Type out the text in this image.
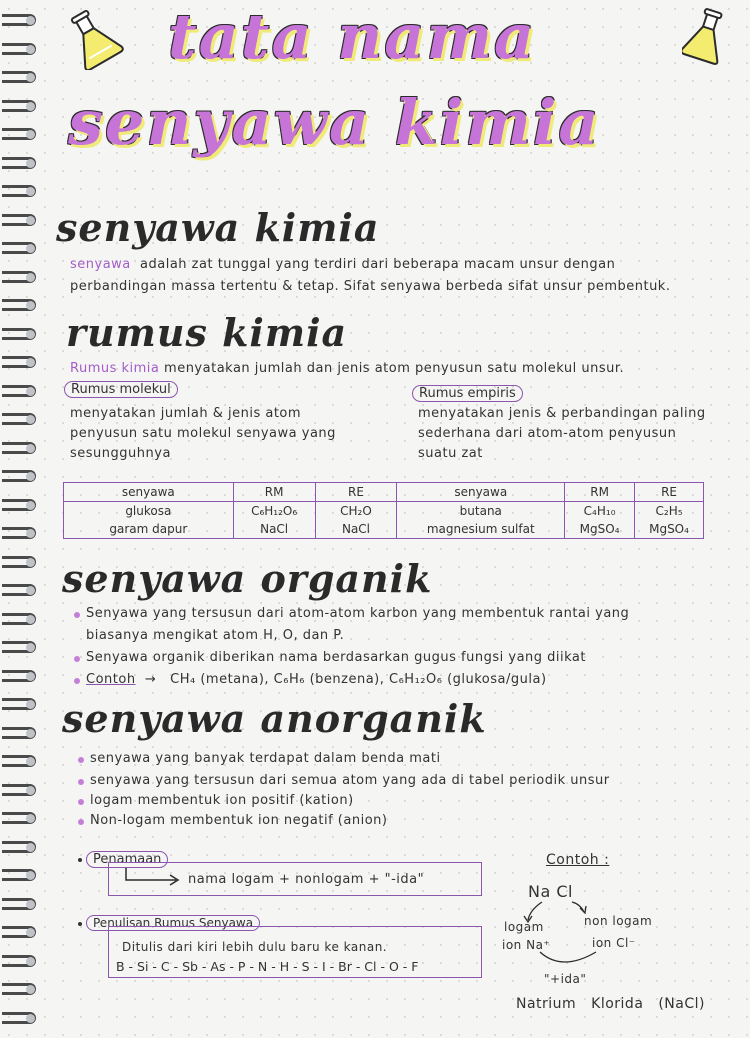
tata nama
senyawa kimia
senyawa kimia
senyawa adalah zat tunggal yang terdiri dari beberapa macam unsur dengan
perbandingan massa tertentu & tetap. Sifat senyawa berbeda sifat unsur pembentuk.
rumus kimia
Rumus kimia menyatakan jumlah dan jenis atom penyusun satu molekul unsur.
Rumus molekul
menyatakan jumlah & jenis atom
penyusun satu molekul senyawa yang
sesungguhnya
Rumus empiris
menyatakan jenis & perbandingan paling
sederhana dari atom-atom penyusun
suatu zat
senyawa	RM	RE	senyawa	RM	RE
glukosa	C₆H₁₂O₆	CH₂O	butana	C₄H₁₀	C₂H₅
garam dapur	NaCl	NaCl	magnesium sulfat	MgSO₄	MgSO₄
senyawa organik
Senyawa yang tersusun dari atom-atom karbon yang membentuk rantai yang
biasanya mengikat atom H, O, dan P.
Senyawa organik diberikan nama berdasarkan gugus fungsi yang diikat
Contoh  →   CH₄ (metana), C₆H₆ (benzena), C₆H₁₂O₆ (glukosa/gula)
senyawa anorganik
senyawa yang banyak terdapat dalam benda mati
senyawa yang tersusun dari semua atom yang ada di tabel periodik unsur
logam membentuk ion positif (kation)
Non-logam membentuk ion negatif (anion)
Penamaan
nama logam + nonlogam + "-ida"
Penulisan Rumus Senyawa
Ditulis dari kiri lebih dulu baru ke kanan.
B - Si - C - Sb - As - P - N - H - S - I - Br - Cl - O - F
Contoh :
Na Cl
logam
ion Na⁺
non logam
ion Cl⁻
"+ida"
Natrium Klorida (NaCl)
